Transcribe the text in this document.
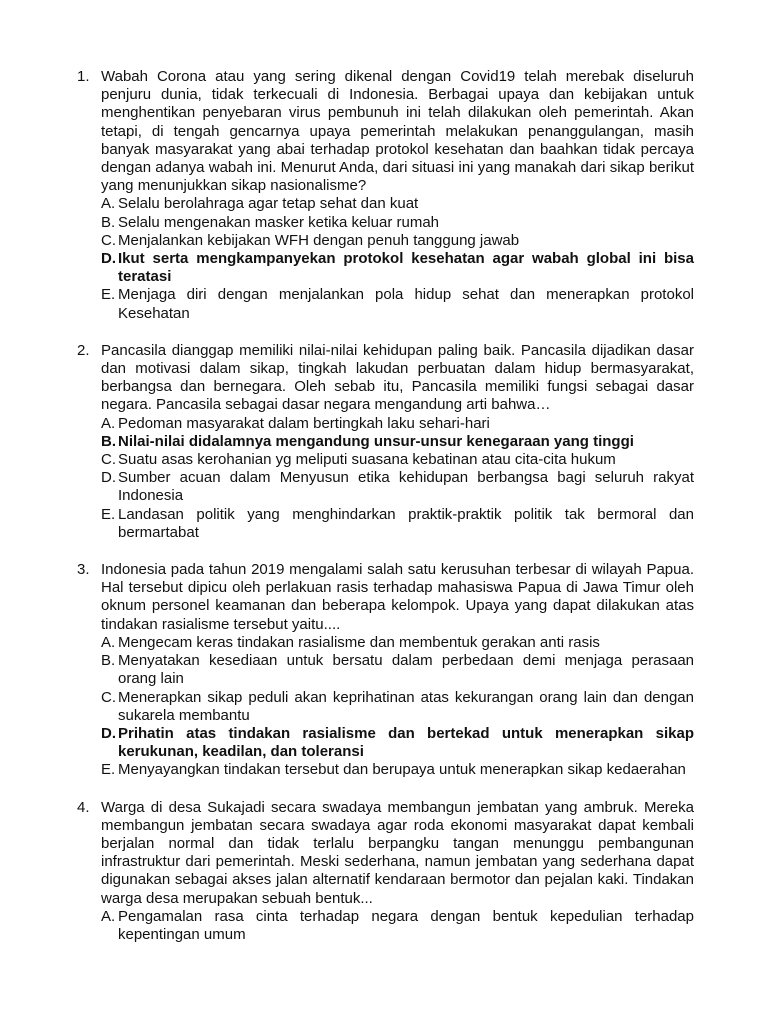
1. Wabah Corona atau yang sering dikenal dengan Covid19 telah merebak diseluruh penjuru dunia, tidak terkecuali di Indonesia. Berbagai upaya dan kebijakan untuk menghentikan penyebaran virus pembunuh ini telah dilakukan oleh pemerintah. Akan tetapi, di tengah gencarnya upaya pemerintah melakukan penanggulangan, masih banyak masyarakat yang abai terhadap protokol kesehatan dan baahkan tidak percaya dengan adanya wabah ini. Menurut Anda, dari situasi ini yang manakah dari sikap berikut yang menunjukkan sikap nasionalisme?

A. Selalu berolahraga agar tetap sehat dan kuat
B. Selalu mengenakan masker ketika keluar rumah
C. Menjalankan kebijakan WFH dengan penuh tanggung jawab
D. Ikut serta mengkampanyekan protokol kesehatan agar wabah global ini bisa teratasi
E. Menjaga diri dengan menjalankan pola hidup sehat dan menerapkan protokol Kesehatan
2. Pancasila dianggap memiliki nilai-nilai kehidupan paling baik. Pancasila dijadikan dasar dan motivasi dalam sikap, tingkah lakudan perbuatan dalam hidup bermasyarakat, berbangsa dan bernegara. Oleh sebab itu, Pancasila memiliki fungsi sebagai dasar negara. Pancasila sebagai dasar negara mengandung arti bahwa…

A. Pedoman masyarakat dalam bertingkah laku sehari-hari
B. Nilai-nilai didalamnya mengandung unsur-unsur kenegaraan yang tinggi
C. Suatu asas kerohanian yg meliputi suasana kebatinan atau cita-cita hukum
D. Sumber acuan dalam Menyusun etika kehidupan berbangsa bagi seluruh rakyat Indonesia
E. Landasan politik yang menghindarkan praktik-praktik politik tak bermoral dan bermartabat
3. Indonesia pada tahun 2019 mengalami salah satu kerusuhan terbesar di wilayah Papua. Hal tersebut dipicu oleh perlakuan rasis terhadap mahasiswa Papua di Jawa Timur oleh oknum personel keamanan dan beberapa kelompok. Upaya yang dapat dilakukan atas tindakan rasialisme tersebut yaitu....

A. Mengecam keras tindakan rasialisme dan membentuk gerakan anti rasis
B. Menyatakan kesediaan untuk bersatu dalam perbedaan demi menjaga perasaan orang lain
C. Menerapkan sikap peduli akan keprihatinan atas kekurangan orang lain dan dengan sukarela membantu
D. Prihatin atas tindakan rasialisme dan bertekad untuk menerapkan sikap kerukunan, keadilan, dan toleransi
E. Menyayangkan tindakan tersebut dan berupaya untuk menerapkan sikap kedaerahan
4. Warga di desa Sukajadi secara swadaya membangun jembatan yang ambruk. Mereka membangun jembatan secara swadaya agar roda ekonomi masyarakat dapat kembali berjalan normal dan tidak terlalu berpangku tangan menunggu pembangunan infrastruktur dari pemerintah. Meski sederhana, namun jembatan yang sederhana dapat digunakan sebagai akses jalan alternatif kendaraan bermotor dan pejalan kaki. Tindakan warga desa merupakan sebuah bentuk...

A. Pengamalan rasa cinta terhadap negara dengan bentuk kepedulian terhadap kepentingan umum
